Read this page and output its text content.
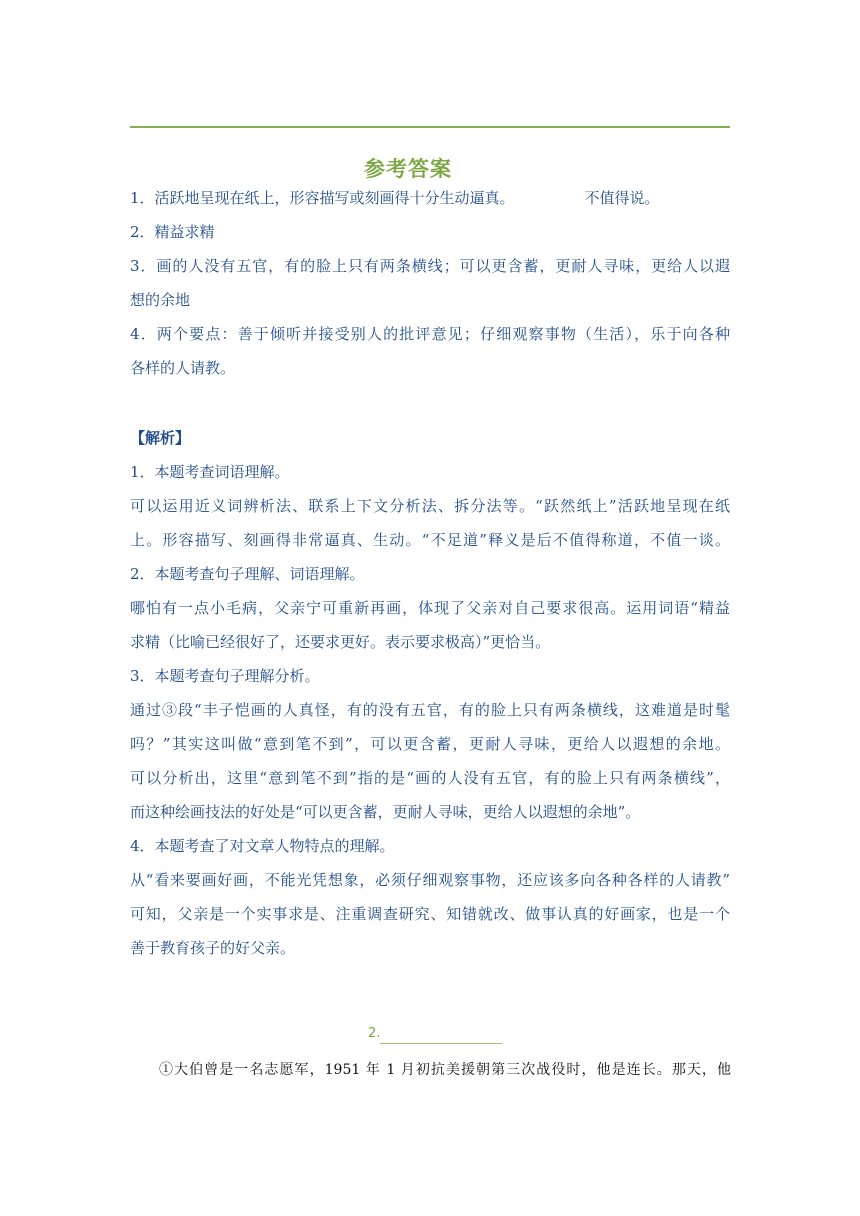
参考答案
1．活跃地呈现在纸上，形容描写或刻画得十分生动逼真。	不值得说。
2．精益求精
3．画的人没有五官，有的脸上只有两条横线；可以更含蓄，更耐人寻味，更给人以遐
想的余地
4．两个要点：善于倾听并接受别人的批评意见；仔细观察事物（生活），乐于向各种
各样的人请教。
【解析】
1．本题考查词语理解。
可以运用近义词辨析法、联系上下文分析法、拆分法等。“跃然纸上”活跃地呈现在纸
上。形容描写、刻画得非常逼真、生动。“不足道”释义是后不值得称道，不值一谈。
2．本题考查句子理解、词语理解。
哪怕有一点小毛病，父亲宁可重新再画，体现了父亲对自己要求很高。运用词语“精益
求精（比喻已经很好了，还要求更好。表示要求极高）”更恰当。
3．本题考查句子理解分析。
通过③段“丰子恺画的人真怪，有的没有五官，有的脸上只有两条横线，这难道是时髦
吗？”其实这叫做“意到笔不到”，可以更含蓄，更耐人寻味，更给人以遐想的余地。
可以分析出，这里“意到笔不到”指的是“画的人没有五官，有的脸上只有两条横线”，
而这种绘画技法的好处是“可以更含蓄，更耐人寻味，更给人以遐想的余地”。
4．本题考查了对文章人物特点的理解。
从“看来要画好画，不能光凭想象，必须仔细观察事物，还应该多向各种各样的人请教”
可知，父亲是一个实事求是、注重调查研究、知错就改、做事认真的好画家，也是一个
善于教育孩子的好父亲。
2.
①大伯曾是一名志愿军，1951 年 1 月初抗美援朝第三次战役时，他是连长。那天，他
